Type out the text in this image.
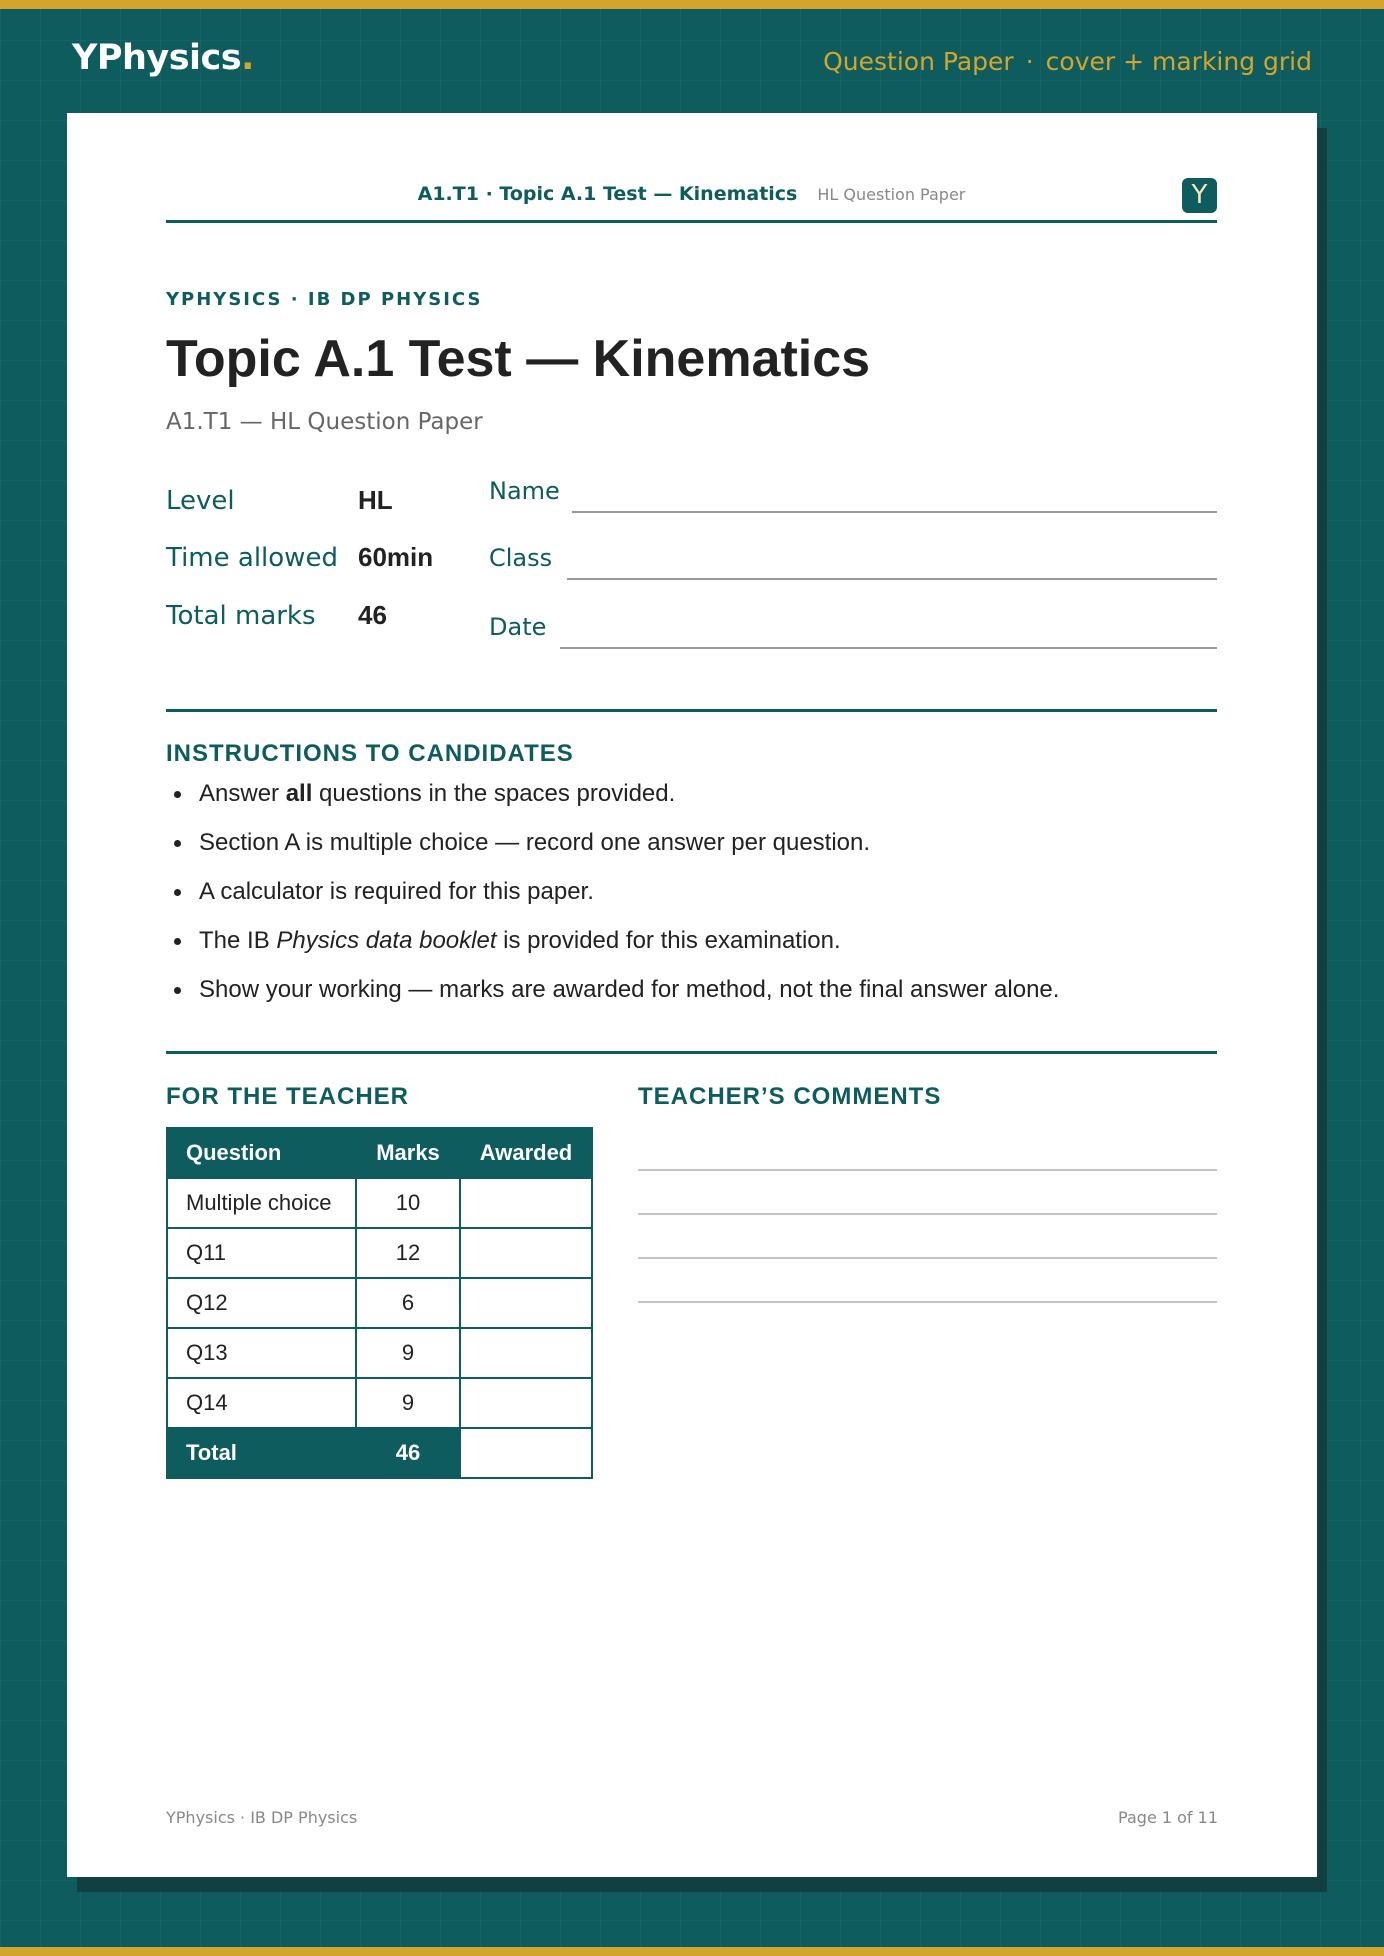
YPhysics.	Question Paper · cover + marking grid
A1.T1 · Topic A.1 Test — Kinematics HL Question Paper	Y
YPHYSICS · IB DP PHYSICS
Topic A.1 Test — Kinematics
A1.T1 — HL Question Paper
Level	HL
Time allowed 60min
Total marks	46
Name
Class
Date
INSTRUCTIONS TO CANDIDATES
Answer all questions in the spaces provided.
Section A is multiple choice — record one answer per question.
A calculator is required for this paper.
The IB Physics data booklet is provided for this examination.
Show your working — marks are awarded for method, not the final answer alone.
FOR THE TEACHER
Question	Marks	Awarded
Multiple choice	10	
Q11	12	
Q12	6	
Q13	9	
Q14	9	
Total	46	
TEACHER’S COMMENTS
YPhysics · IB DP Physics	Page 1 of 11
